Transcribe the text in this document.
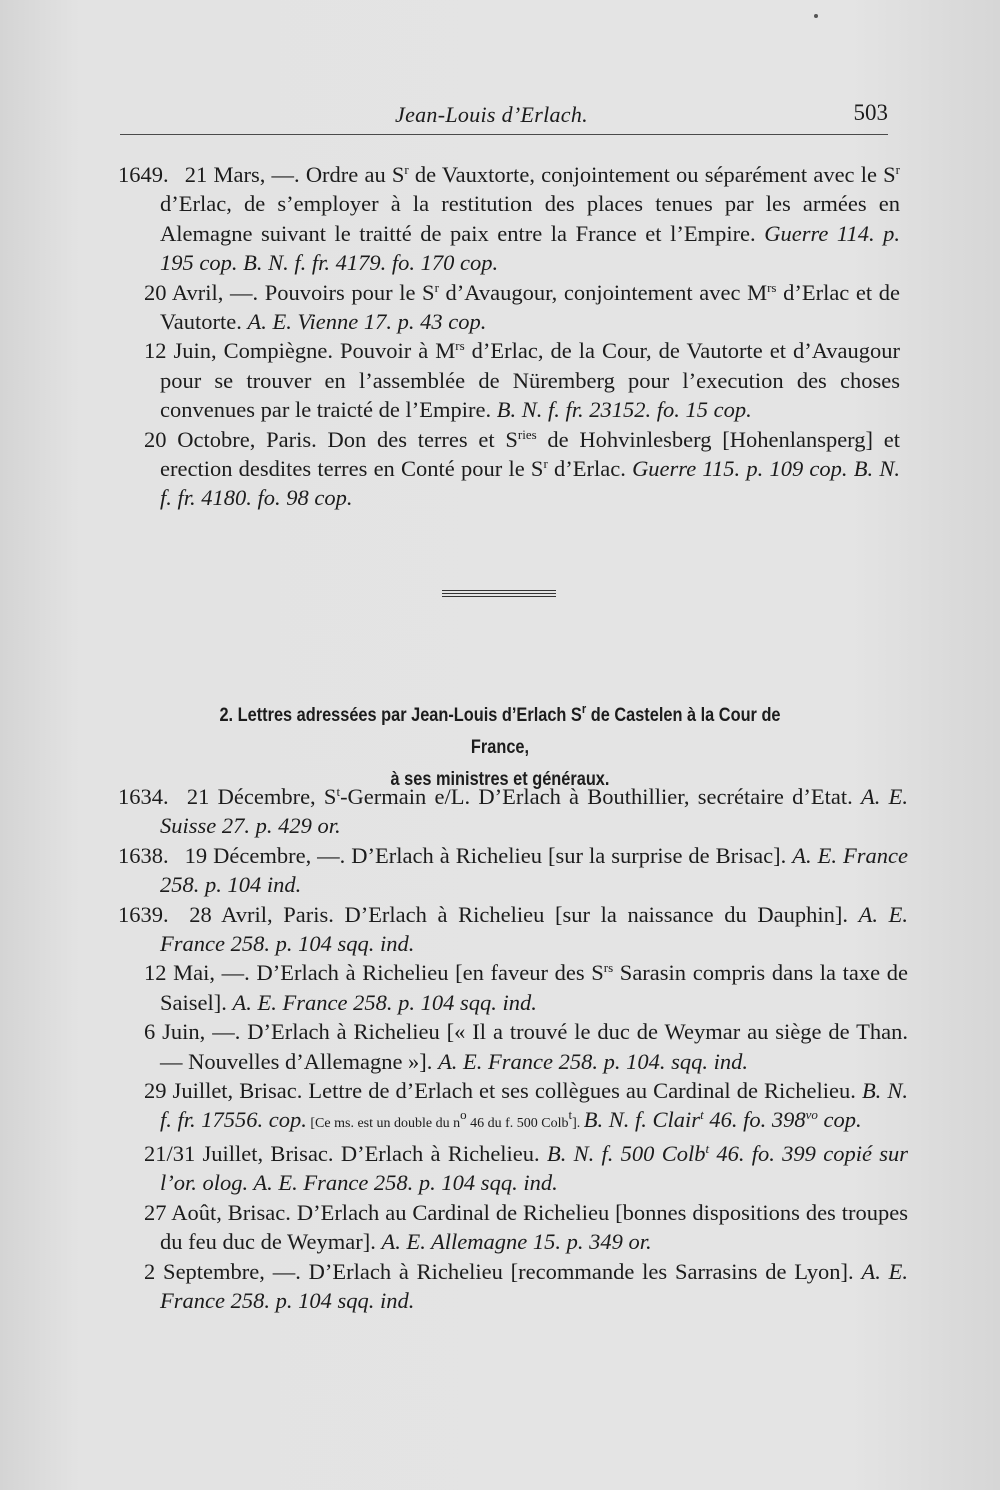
Jean-Louis d’Erlach.	503

1649. 21 Mars, —. Ordre au $S^r$ de Vauxtorte, conjointement ou séparément avec le $S^r$ d’Erlac, de s’employer à la restitution des places tenues par les armées en Alemagne suivant le traitté de paix entre la France et l’Empire. Guerre 114. p. 195 cop. B. N. f. fr. 4179. fo. 170 cop.

20 Avril, —. Pouvoirs pour le $S^r$ d’Avaugour, conjointement avec $M^{rs}$ d’Erlac et de Vautorte. A. E. Vienne 17. p. 43 cop.

12 Juin, Compiègne. Pouvoir à $M^{rs}$ d’Erlac, de la Cour, de Vautorte et d’Avaugour pour se trouver en l’assemblée de Nüremberg pour l’execution des choses convenues par le traicté de l’Empire. B. N. f. fr. 23152. fo. 15 cop.

20 Octobre, Paris. Don des terres et $S^{ries}$ de Hohvinlesberg [Hohenlansperg] et erection desdites terres en Conté pour le $S^r$ d’Erlac. Guerre 115. p. 109 cop. B. N. f. fr. 4180. fo. 98 cop.

2. Lettres adressées par Jean-Louis d’Erlach $S^r$ de Castelen à la Cour de France,
à ses ministres et généraux.

1634. 21 Décembre, $S^t$-Germain e/L. D’Erlach à Bouthillier, secrétaire d’Etat. A. E. Suisse 27. p. 429 or.

1638. 19 Décembre, —. D’Erlach à Richelieu [sur la surprise de Brisac]. A. E. France 258. p. 104 ind.

1639. 28 Avril, Paris. D’Erlach à Richelieu [sur la naissance du Dauphin]. A. E. France 258. p. 104 sqq. ind.

12 Mai, —. D’Erlach à Richelieu [en faveur des $S^{rs}$ Sarasin compris dans la taxe de Saisel]. A. E. France 258. p. 104 sqq. ind.

6 Juin, —. D’Erlach à Richelieu [« Il a trouvé le duc de Weymar au siège de Than. — Nouvelles d’Allemagne »]. A. E. France 258. p. 104. sqq. ind.

29 Juillet, Brisac. Lettre de d’Erlach et ses collègues au Cardinal de Richelieu. B. N. f. fr. 17556. cop. [Ce ms. est un double du $n^o$ 46 du f. 500 Colb$^t$]. B. N. f. Clair$^t$ 46. fo. $398^{vo}$ cop.

21/31 Juillet, Brisac. D’Erlach à Richelieu. B. N. f. 500 Colb$^t$ 46. fo. 399 copié sur l’or. olog. A. E. France 258. p. 104 sqq. ind.

27 Août, Brisac. D’Erlach au Cardinal de Richelieu [bonnes dispositions des troupes du feu duc de Weymar]. A. E. Allemagne 15. p. 349 or.

2 Septembre, —. D’Erlach à Richelieu [recommande les Sarrasins de Lyon]. A. E. France 258. p. 104 sqq. ind.
